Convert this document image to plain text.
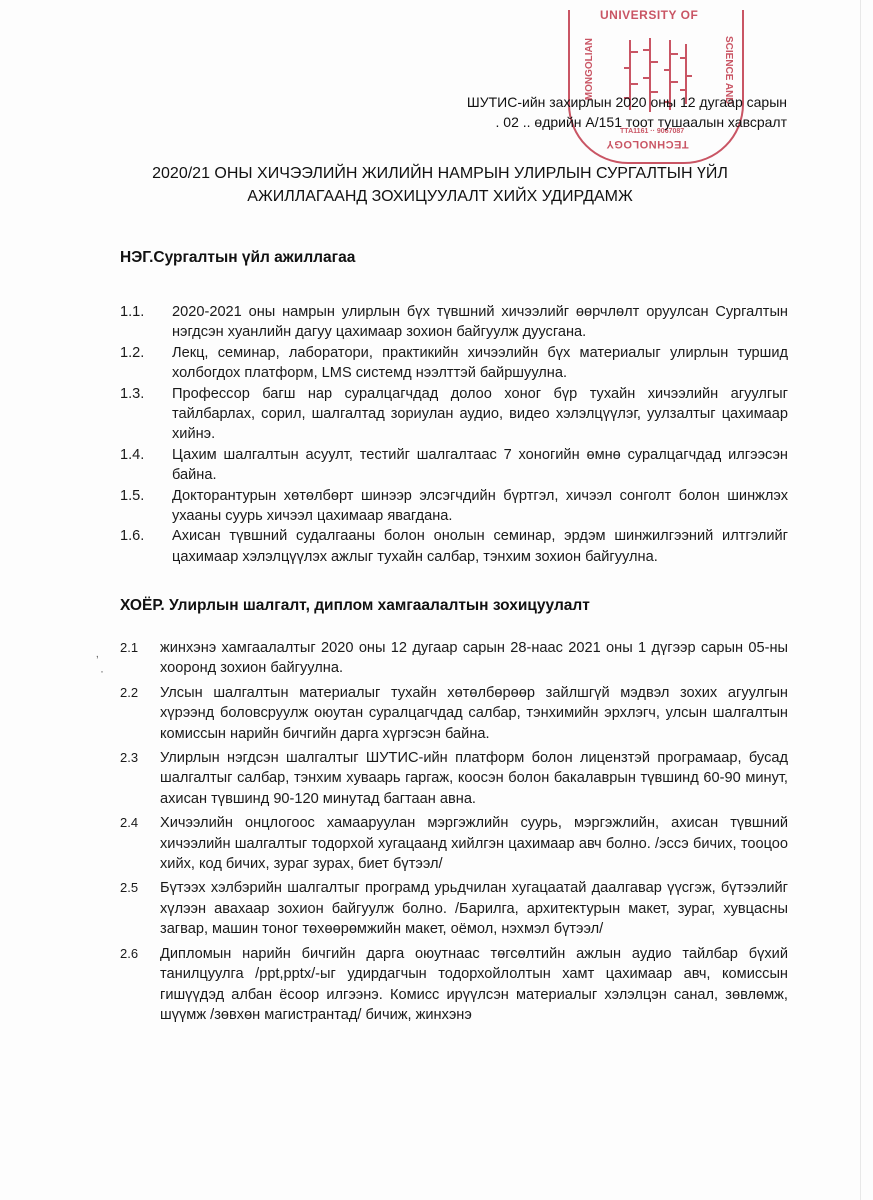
UNIVERSITY OF
MONGOLIAN	SCIENCE AND
ТТА1161 ·· 9067087
TECHNOLOGY
ШУТИС-ийн захирлын 2020 оны 12 дугаар сарын
. 02 .. өдрийн А/151 тоот тушаалын хавсралт
2020/21 ОНЫ ХИЧЭЭЛИЙН ЖИЛИЙН НАМРЫН УЛИРЛЫН СУРГАЛТЫН ҮЙЛ
АЖИЛЛАГААНД ЗОХИЦУУЛАЛТ ХИЙХ УДИРДАМЖ
НЭГ.Сургалтын үйл ажиллагаа
1.1.	2020-2021 оны намрын улирлын бүх түвшний хичээлийг өөрчлөлт оруулсан Сургалтын нэгдсэн хуанлийн дагуу цахимаар зохион байгуулж дуусгана.
1.2.	Лекц, семинар, лаборатори, практикийн хичээлийн бүх материалыг улирлын туршид холбогдох платформ, LMS системд нээлттэй байршуулна.
1.3.	Профессор багш нар суралцагчдад долоо хоног бүр тухайн хичээлийн агуулгыг тайлбарлах, сорил, шалгалтад зориулан аудио, видео хэлэлцүүлэг, уулзалтыг цахимаар хийнэ.
1.4.	Цахим шалгалтын асуулт, тестийг шалгалтаас 7 хоногийн өмнө суралцагчдад илгээсэн байна.
1.5.	Докторантурын хөтөлбөрт шинээр элсэгчдийн бүртгэл, хичээл сонголт болон шинжлэх ухааны суурь хичээл цахимаар явагдана.
1.6.	Ахисан түвшний судалгааны болон онолын семинар, эрдэм шинжилгээний илтгэлийг цахимаар хэлэлцүүлэх ажлыг тухайн салбар, тэнхим зохион байгуулна.
ХОЁР. Улирлын шалгалт, диплом хамгаалалтын зохицуулалт
‚
·
2.1	жинхэнэ хамгаалалтыг 2020 оны 12 дугаар сарын 28-наас 2021 оны 1 дүгээр сарын 05-ны хооронд зохион байгуулна.
2.2	Улсын шалгалтын материалыг тухайн хөтөлбөрөөр зайлшгүй мэдвэл зохих агуулгын хүрээнд боловсруулж оюутан суралцагчдад салбар, тэнхимийн эрхлэгч, улсын шалгалтын комиссын нарийн бичгийн дарга хүргэсэн байна.
2.3	Улирлын нэгдсэн шалгалтыг ШУТИС-ийн платформ болон лицензтэй програмаар, бусад шалгалтыг салбар, тэнхим хуваарь гаргаж, коосэн болон бакалаврын түвшинд 60-90 минут, ахисан түвшинд 90-120 минутад багтаан авна.
2.4	Хичээлийн онцлогоос хамааруулан мэргэжлийн суурь, мэргэжлийн, ахисан түвшний хичээлийн шалгалтыг тодорхой хугацаанд хийлгэн цахимаар авч болно. /эссэ бичих, тооцоо хийх, код бичих, зураг зурах, биет бүтээл/
2.5	Бүтээх хэлбэрийн шалгалтыг програмд урьдчилан хугацаатай даалгавар үүсгэж, бүтээлийг хүлээн авахаар зохион байгуулж болно. /Барилга, архитектурын макет, зураг, хувцасны загвар, машин тоног төхөөрөмжийн макет, оёмол, нэхмэл бүтээл/
2.6	Дипломын нарийн бичгийн дарга оюутнаас төгсөлтийн ажлын аудио тайлбар бүхий танилцуулга /ppt,pptx/-ыг удирдагчын тодорхойлолтын хамт цахимаар авч, комиссын гишүүдэд албан ёсоор илгээнэ. Комисс ирүүлсэн материалыг хэлэлцэн санал, зөвлөмж, шүүмж /зөвхөн магистрантад/ бичиж, жинхэнэ
